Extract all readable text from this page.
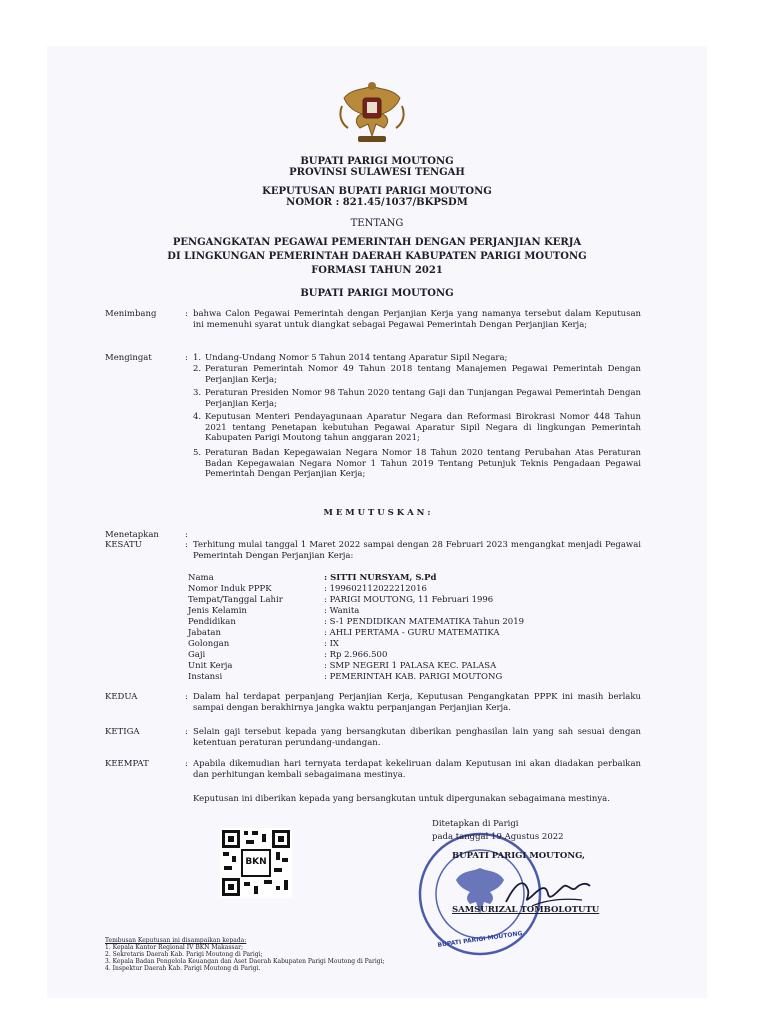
BUPATI PARIGI MOUTONG
PROVINSI SULAWESI TENGAH
KEPUTUSAN BUPATI PARIGI MOUTONG
NOMOR : 821.45/1037/BKPSDM
TENTANG
PENGANGKATAN PEGAWAI PEMERINTAH DENGAN PERJANJIAN KERJA
DI LINGKUNGAN PEMERINTAH DAERAH KABUPATEN PARIGI MOUTONG
FORMASI TAHUN 2021
BUPATI PARIGI MOUTONG
Menimbang	: bahwa Calon Pegawai Pemerintah dengan Perjanjian Kerja yang namanya tersebut dalam Keputusan ini memenuhi syarat untuk diangkat sebagai Pegawai Pemerintah Dengan Perjanjian Kerja;
Mengingat	: 1. Undang-Undang Nomor 5 Tahun 2014 tentang Aparatur Sipil Negara;
2. Peraturan Pemerintah Nomor 49 Tahun 2018 tentang Manajemen Pegawai Pemerintah Dengan Perjanjian Kerja;
3. Peraturan Presiden Nomor 98 Tahun 2020 tentang Gaji dan Tunjangan Pegawai Pemerintah Dengan Perjanjian Kerja;
4. Keputusan Menteri Pendayagunaan Aparatur Negara dan Reformasi Birokrasi Nomor 448 Tahun 2021 tentang Penetapan kebutuhan Pegawai Aparatur Sipil Negara di lingkungan Pemerintah Kabupaten Parigi Moutong tahun anggaran 2021;
5. Peraturan Badan Kepegawaian Negara Nomor 18 Tahun 2020 tentang Perubahan Atas Peraturan Badan Kepegawaian Negara Nomor 1 Tahun 2019 Tentang Petunjuk Teknis Pengadaan Pegawai Pemerintah Dengan Perjanjian Kerja;
M E M U T U S K A N :
Menetapkan	:
KESATU	: Terhitung mulai tanggal 1 Maret 2022 sampai dengan 28 Februari 2023 mengangkat menjadi Pegawai Pemerintah Dengan Perjanjian Kerja:
Nama	: SITTI NURSYAM, S.Pd
Nomor Induk PPPK	: 199602112022212016
Tempat/Tanggal Lahir	: PARIGI MOUTONG, 11 Februari 1996
Jenis Kelamin	: Wanita
Pendidikan	: S-1 PENDIDIKAN MATEMATIKA Tahun 2019
Jabatan	: AHLI PERTAMA - GURU MATEMATIKA
Golongan	: IX
Gaji	: Rp 2.966.500
Unit Kerja	: SMP NEGERI 1 PALASA KEC. PALASA
Instansi	: PEMERINTAH KAB. PARIGI MOUTONG
KEDUA	: Dalam hal terdapat perpanjang Perjanjian Kerja, Keputusan Pengangkatan PPPK ini masih berlaku sampai dengan berakhirnya jangka waktu perpanjangan Perjanjian Kerja.
KETIGA	: Selain gaji tersebut kepada yang bersangkutan diberikan penghasilan lain yang sah sesuai dengan ketentuan peraturan perundang-undangan.
KEEMPAT	: Apabila dikemudian hari ternyata terdapat kekeliruan dalam Keputusan ini akan diadakan perbaikan dan perhitungan kembali sebagaimana mestinya.
Keputusan ini diberikan kepada yang bersangkutan untuk dipergunakan sebagaimana mestinya.
BKN
BUPATI PARIGI MOUTONG
Ditetapkan di Parigi
pada tanggal 19 Agustus 2022
BUPATI PARIGI MOUTONG,
SAMSURIZAL TOMBOLOTUTU
Tembusan Keputusan ini disampaikan kepada:
1. Kepala Kantor Regional IV BKN Makassar;
2. Sekretaris Daerah Kab. Parigi Moutong di Parigi;
3. Kepala Badan Pengelola Keuangan dan Aset Daerah Kabupaten Parigi Moutong di Parigi;
4. Inspektur Daerah Kab. Parigi Moutong di Parigi.
